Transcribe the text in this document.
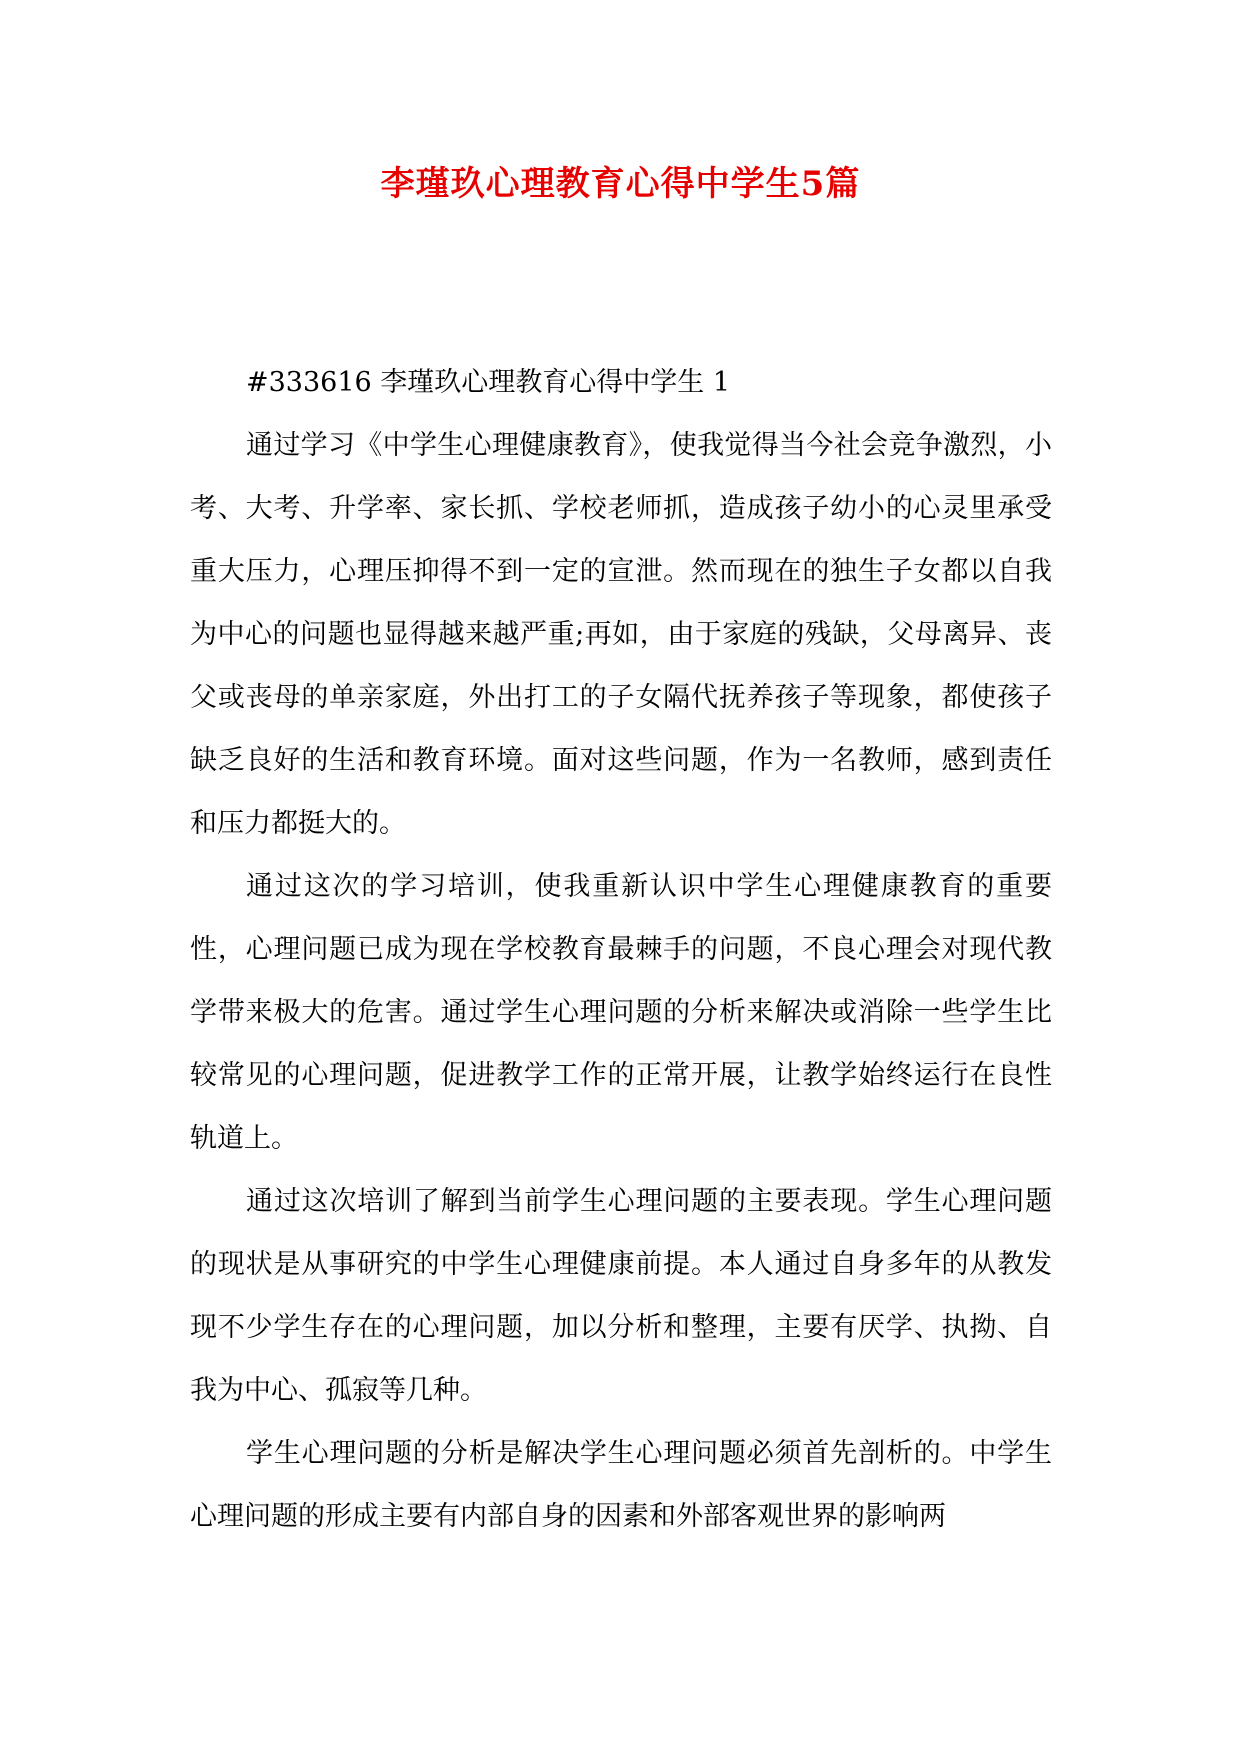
李瑾玖心理教育心得中学生5篇

#333616 李瑾玖心理教育心得中学生 1

通过学习《中学生心理健康教育》，使我觉得当今社会竞争激烈，小考、大考、升学率、家长抓、学校老师抓，造成孩子幼小的心灵里承受重大压力，心理压抑得不到一定的宣泄。然而现在的独生子女都以自我为中心的问题也显得越来越严重;再如，由于家庭的残缺，父母离异、丧父或丧母的单亲家庭，外出打工的子女隔代抚养孩子等现象，都使孩子缺乏良好的生活和教育环境。面对这些问题，作为一名教师，感到责任和压力都挺大的。

通过这次的学习培训，使我重新认识中学生心理健康教育的重要性，心理问题已成为现在学校教育最棘手的问题，不良心理会对现代教学带来极大的危害。通过学生心理问题的分析来解决或消除一些学生比较常见的心理问题，促进教学工作的正常开展，让教学始终运行在良性轨道上。

通过这次培训了解到当前学生心理问题的主要表现。学生心理问题的现状是从事研究的中学生心理健康前提。本人通过自身多年的从教发现不少学生存在的心理问题，加以分析和整理，主要有厌学、执拗、自我为中心、孤寂等几种。

学生心理问题的分析是解决学生心理问题必须首先剖析的。中学生心理问题的形成主要有内部自身的因素和外部客观世界的影响两
